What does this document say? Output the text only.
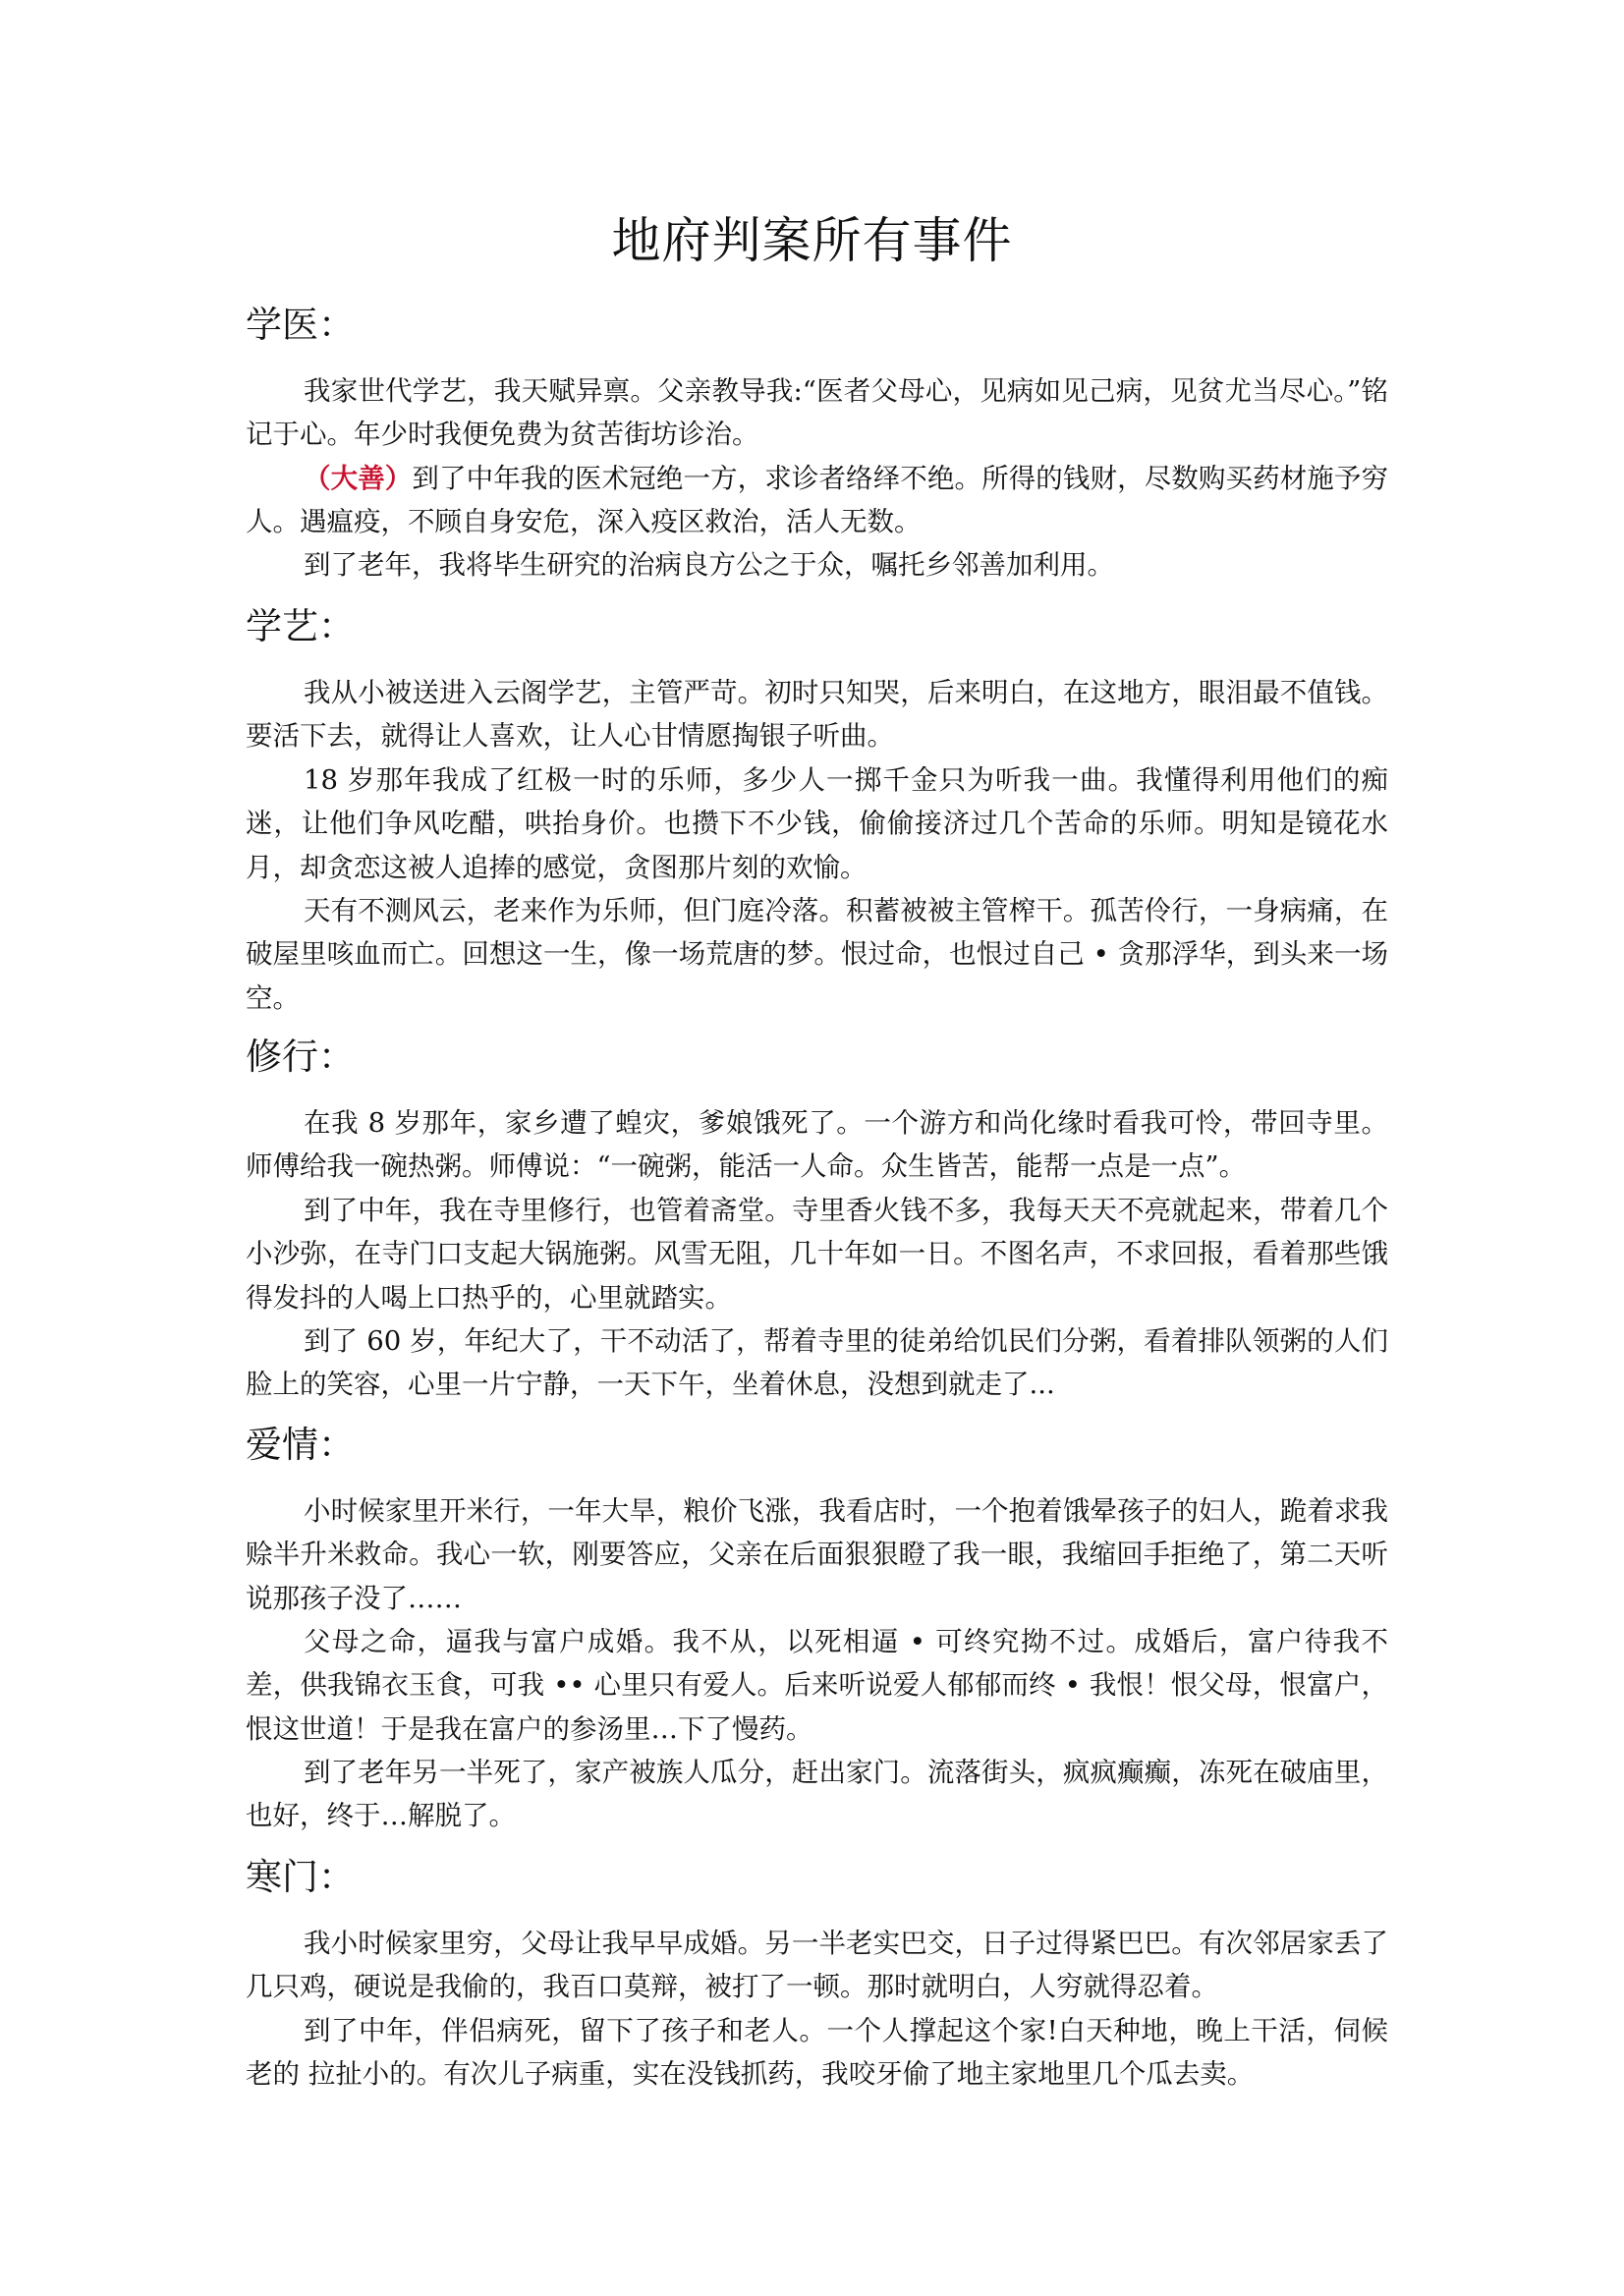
地府判案所有事件
学医：

我家世代学艺，我天赋异禀。父亲教导我:“医者父母心，见病如见己病，见贫尤当尽心。”铭记于心。年少时我便免费为贫苦街坊诊治。

（大善）到了中年我的医术冠绝一方，求诊者络绎不绝。所得的钱财，尽数购买药材施予穷人。遇瘟疫，不顾自身安危，深入疫区救治，活人无数。

到了老年，我将毕生研究的治病良方公之于众，嘱托乡邻善加利用。

学艺：

我从小被送进入云阁学艺，主管严苛。初时只知哭，后来明白，在这地方，眼泪最不值钱。要活下去，就得让人喜欢，让人心甘情愿掏银子听曲。

18 岁那年我成了红极一时的乐师，多少人一掷千金只为听我一曲。我懂得利用他们的痴迷，让他们争风吃醋，哄抬身价。也攒下不少钱，偷偷接济过几个苦命的乐师。明知是镜花水月，却贪恋这被人追捧的感觉，贪图那片刻的欢愉。

天有不测风云，老来作为乐师，但门庭冷落。积蓄被被主管榨干。孤苦伶行，一身病痛，在破屋里咳血而亡。回想这一生，像一场荒唐的梦。恨过命，也恨过自己 • 贪那浮华，到头来一场空。

修行：

在我 8 岁那年，家乡遭了蝗灾，爹娘饿死了。一个游方和尚化缘时看我可怜，带回寺里。师傅给我一碗热粥。师傅说：“一碗粥，能活一人命。众生皆苦，能帮一点是一点”。

到了中年，我在寺里修行，也管着斋堂。寺里香火钱不多，我每天天不亮就起来，带着几个小沙弥，在寺门口支起大锅施粥。风雪无阻，几十年如一日。不图名声，不求回报，看着那些饿得发抖的人喝上口热乎的，心里就踏实。

到了 60 岁，年纪大了，干不动活了，帮着寺里的徒弟给饥民们分粥，看着排队领粥的人们脸上的笑容，心里一片宁静，一天下午，坐着休息，没想到就走了...

爱情：

小时候家里开米行，一年大旱，粮价飞涨，我看店时，一个抱着饿晕孩子的妇人，跪着求我赊半升米救命。我心一软，刚要答应，父亲在后面狠狠瞪了我一眼，我缩回手拒绝了，第二天听说那孩子没了……

父母之命，逼我与富户成婚。我不从，以死相逼 • 可终究拗不过。成婚后，富户待我不差，供我锦衣玉食，可我 •• 心里只有爱人。后来听说爱人郁郁而终 • 我恨！恨父母，恨富户，恨这世道！于是我在富户的参汤里…下了慢药。

到了老年另一半死了，家产被族人瓜分，赶出家门。流落街头，疯疯癫癫，冻死在破庙里，也好，终于…解脱了。

寒门：

我小时候家里穷，父母让我早早成婚。另一半老实巴交，日子过得紧巴巴。有次邻居家丢了几只鸡，硬说是我偷的，我百口莫辩，被打了一顿。那时就明白，人穷就得忍着。

到了中年，伴侣病死，留下了孩子和老人。一个人撑起这个家!白天种地，晚上干活，伺候老的 拉扯小的。有次儿子病重，实在没钱抓药，我咬牙偷了地主家地里几个瓜去卖。
